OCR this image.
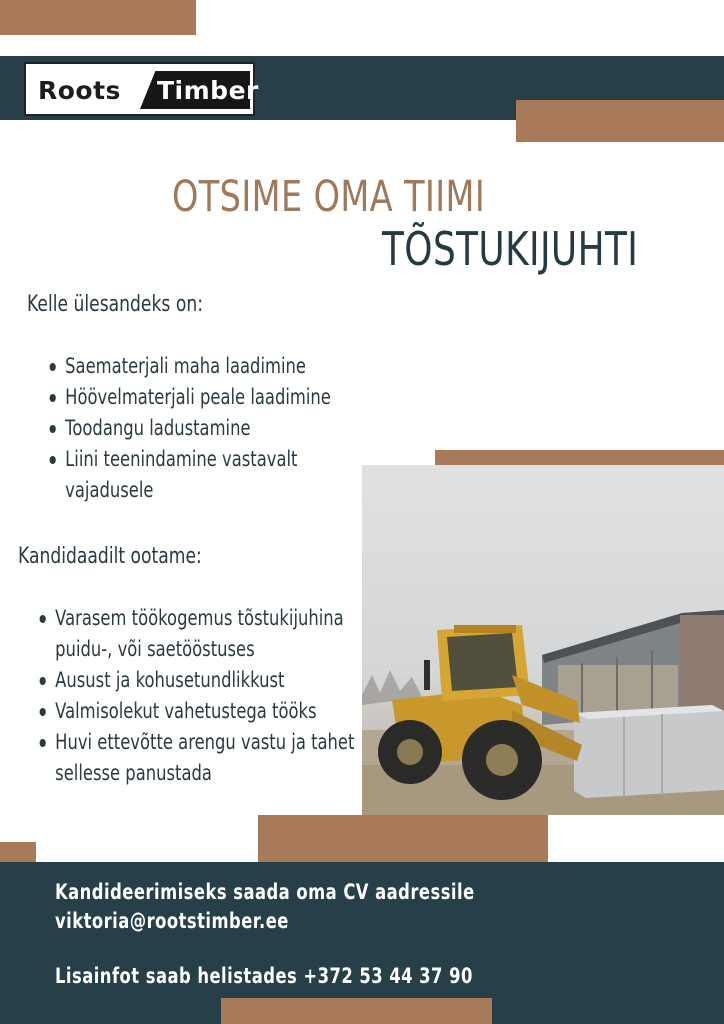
Roots Timber
OTSIME OMA TIIMI
TÕSTUKIJUHTI
Kelle ülesandeks on:
Saematerjali maha laadimine
Höövelmaterjali peale laadimine
Toodangu ladustamine
Liini teenindamine vastavalt
vajadusele
Kandidaadilt ootame:
Varasem töökogemus tõstukijuhina
puidu-, või saetööstuses
Ausust ja kohusetundlikkust
Valmisolekut vahetustega tööks
Huvi ettevõtte arengu vastu ja tahet
sellesse panustada
Kandideerimiseks saada oma CV aadressile
viktoria@rootstimber.ee
Lisainfot saab helistades +372 53 44 37 90
